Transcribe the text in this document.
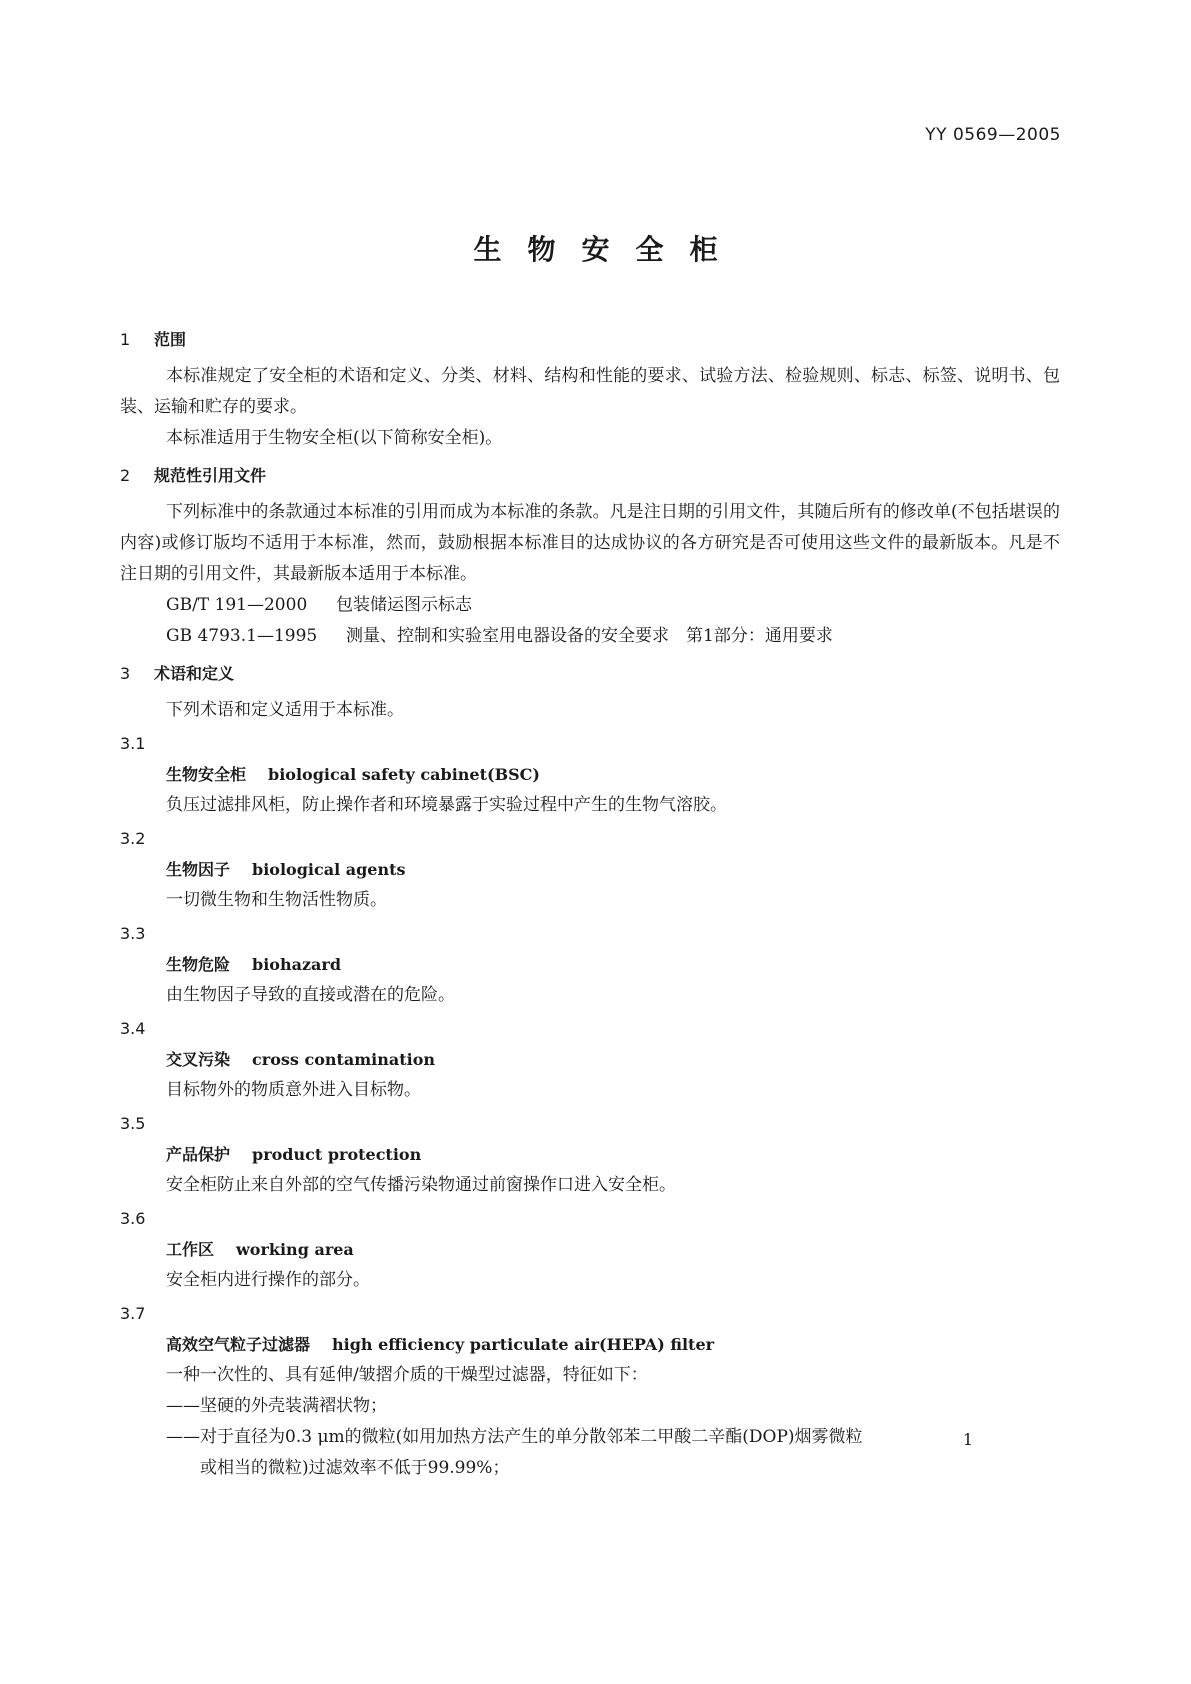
YY 0569—2005
生物安全柜
1 范围

本标准规定了安全柜的术语和定义、分类、材料、结构和性能的要求、试验方法、检验规则、标志、标签、说明书、包装、运输和贮存的要求。

本标准适用于生物安全柜(以下简称安全柜)。

2 规范性引用文件

下列标准中的条款通过本标准的引用而成为本标准的条款。凡是注日期的引用文件，其随后所有的修改单(不包括堪误的内容)或修订版均不适用于本标准，然而，鼓励根据本标准目的达成协议的各方研究是否可使用这些文件的最新版本。凡是不注日期的引用文件，其最新版本适用于本标准。

GB/T 191—2000 包装储运图示标志
GB 4793.1—1995 测量、控制和实验室用电器设备的安全要求　第1部分：通用要求
3 术语和定义

下列术语和定义适用于本标准。

3.1
生物安全柜 biological safety cabinet(BSC)
负压过滤排风柜，防止操作者和环境暴露于实验过程中产生的生物气溶胶。
3.2
生物因子 biological agents
一切微生物和生物活性物质。
3.3
生物危险 biohazard
由生物因子导致的直接或潜在的危险。
3.4
交叉污染 cross contamination
目标物外的物质意外进入目标物。
3.5
产品保护 product protection
安全柜防止来自外部的空气传播污染物通过前窗操作口进入安全柜。
3.6
工作区 working area
安全柜内进行操作的部分。
3.7
高效空气粒子过滤器 high efficiency particulate air(HEPA) filter
一种一次性的、具有延伸/皱摺介质的干燥型过滤器，特征如下：
——坚硬的外壳装满褶状物；
——对于直径为0.3 μm的微粒(如用加热方法产生的单分散邻苯二甲酸二辛酯(DOP)烟雾微粒
或相当的微粒)过滤效率不低于99.99%；
1
